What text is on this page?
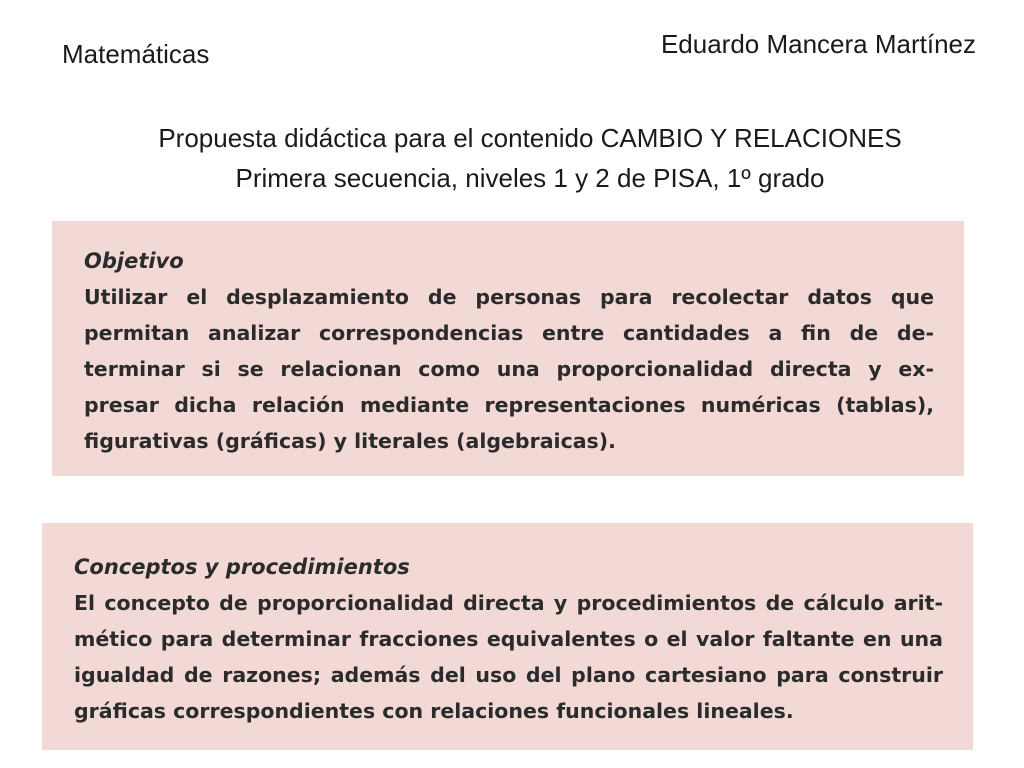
Matemáticas	Eduardo Mancera Martínez
Propuesta didáctica para el contenido CAMBIO Y RELACIONES
Primera secuencia, niveles 1 y 2 de PISA, 1º grado
Objetivo

Utilizar el desplazamiento de personas para recolectar datos que
permitan analizar correspondencias entre cantidades a fin de de-
terminar si se relacionan como una proporcionalidad directa y ex-
presar dicha relación mediante representaciones numéricas (tablas),
figurativas (gráficas) y literales (algebraicas).

Conceptos y procedimientos

El concepto de proporcionalidad directa y procedimientos de cálculo arit-
mético para determinar fracciones equivalentes o el valor faltante en una
igualdad de razones; además del uso del plano cartesiano para construir
gráficas correspondientes con relaciones funcionales lineales.
